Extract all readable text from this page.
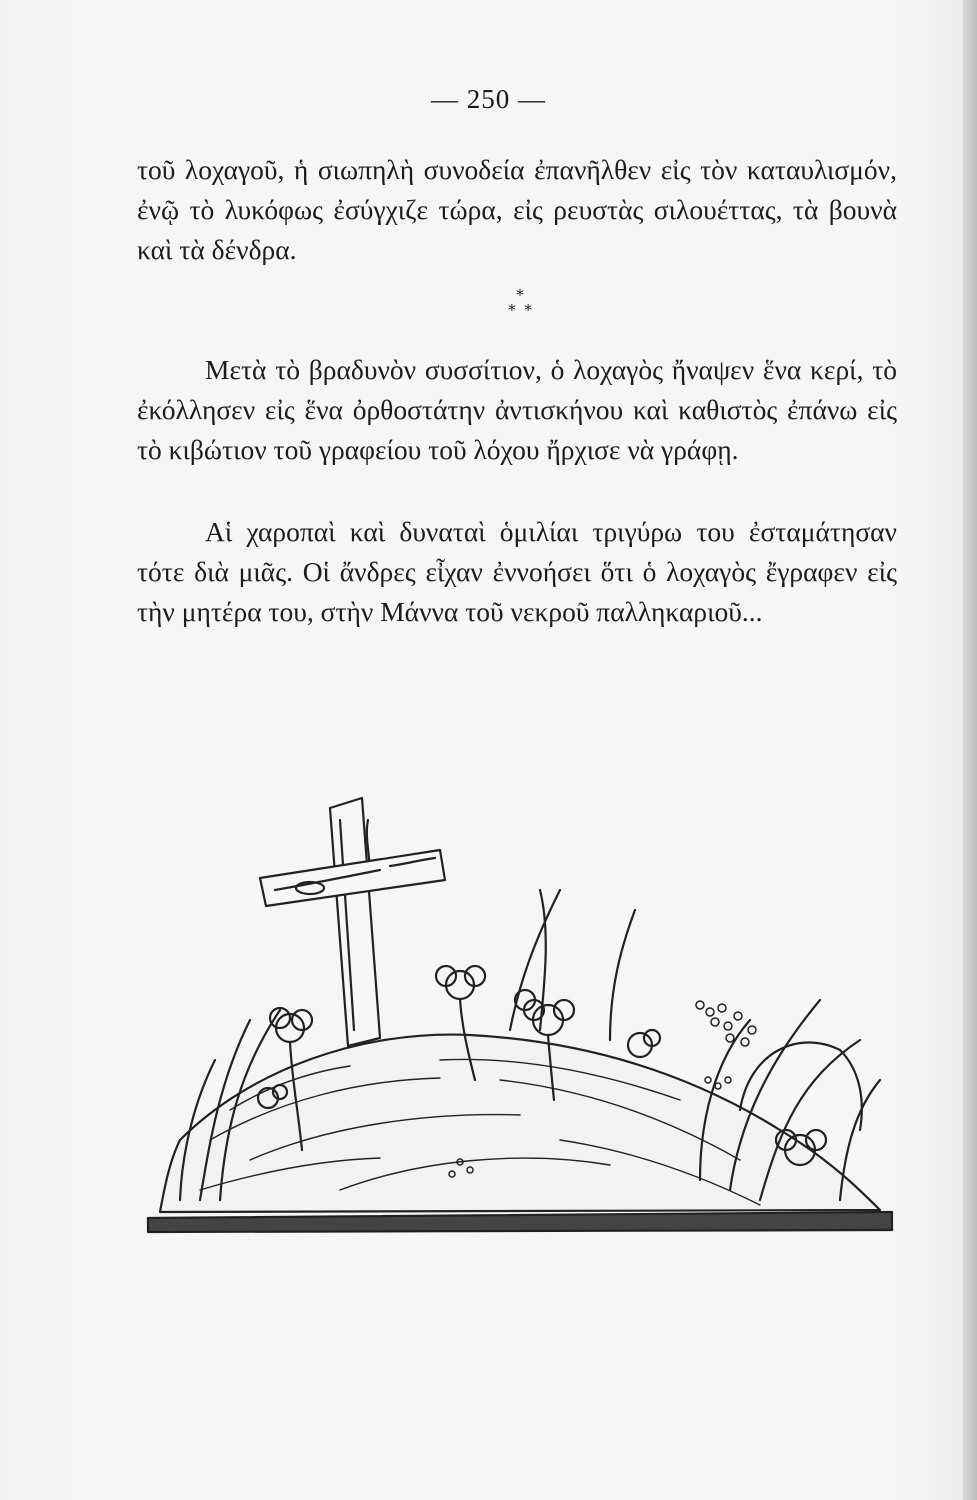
— 250 —
τοῦ λοχαγοῦ, ἡ σιωπηλὴ συνοδεία ἐπανῆλθεν εἰς τὸν καταυλισμόν, ἐνῷ τὸ λυκόφως ἐσύγχιζε τώρα, εἰς ρευστὰς σιλουέττας, τὰ βουνὰ καὶ τὰ δένδρα.
*
* *
Μετὰ τὸ βραδυνὸν συσσίτιον, ὁ λοχαγὸς ἤναψεν ἕνα κερί, τὸ ἐκόλλησεν εἰς ἕνα ὀρθοστάτην ἀντισκήνου καὶ καθιστὸς ἐπάνω εἰς τὸ κιβώτιον τοῦ γραφείου τοῦ λόχου ἤρχισε νὰ γράφῃ.
Αἱ χαροπαὶ καὶ δυναταὶ ὁμιλίαι τριγύρω του ἐσταμάτησαν τότε διὰ μιᾶς. Οἱ ἄνδρες εἶχαν ἐννοήσει ὅτι ὁ λοχαγὸς ἔγραφεν εἰς τὴν μητέρα του, στὴν Μάννα τοῦ νεκροῦ παλληκαριοῦ...
